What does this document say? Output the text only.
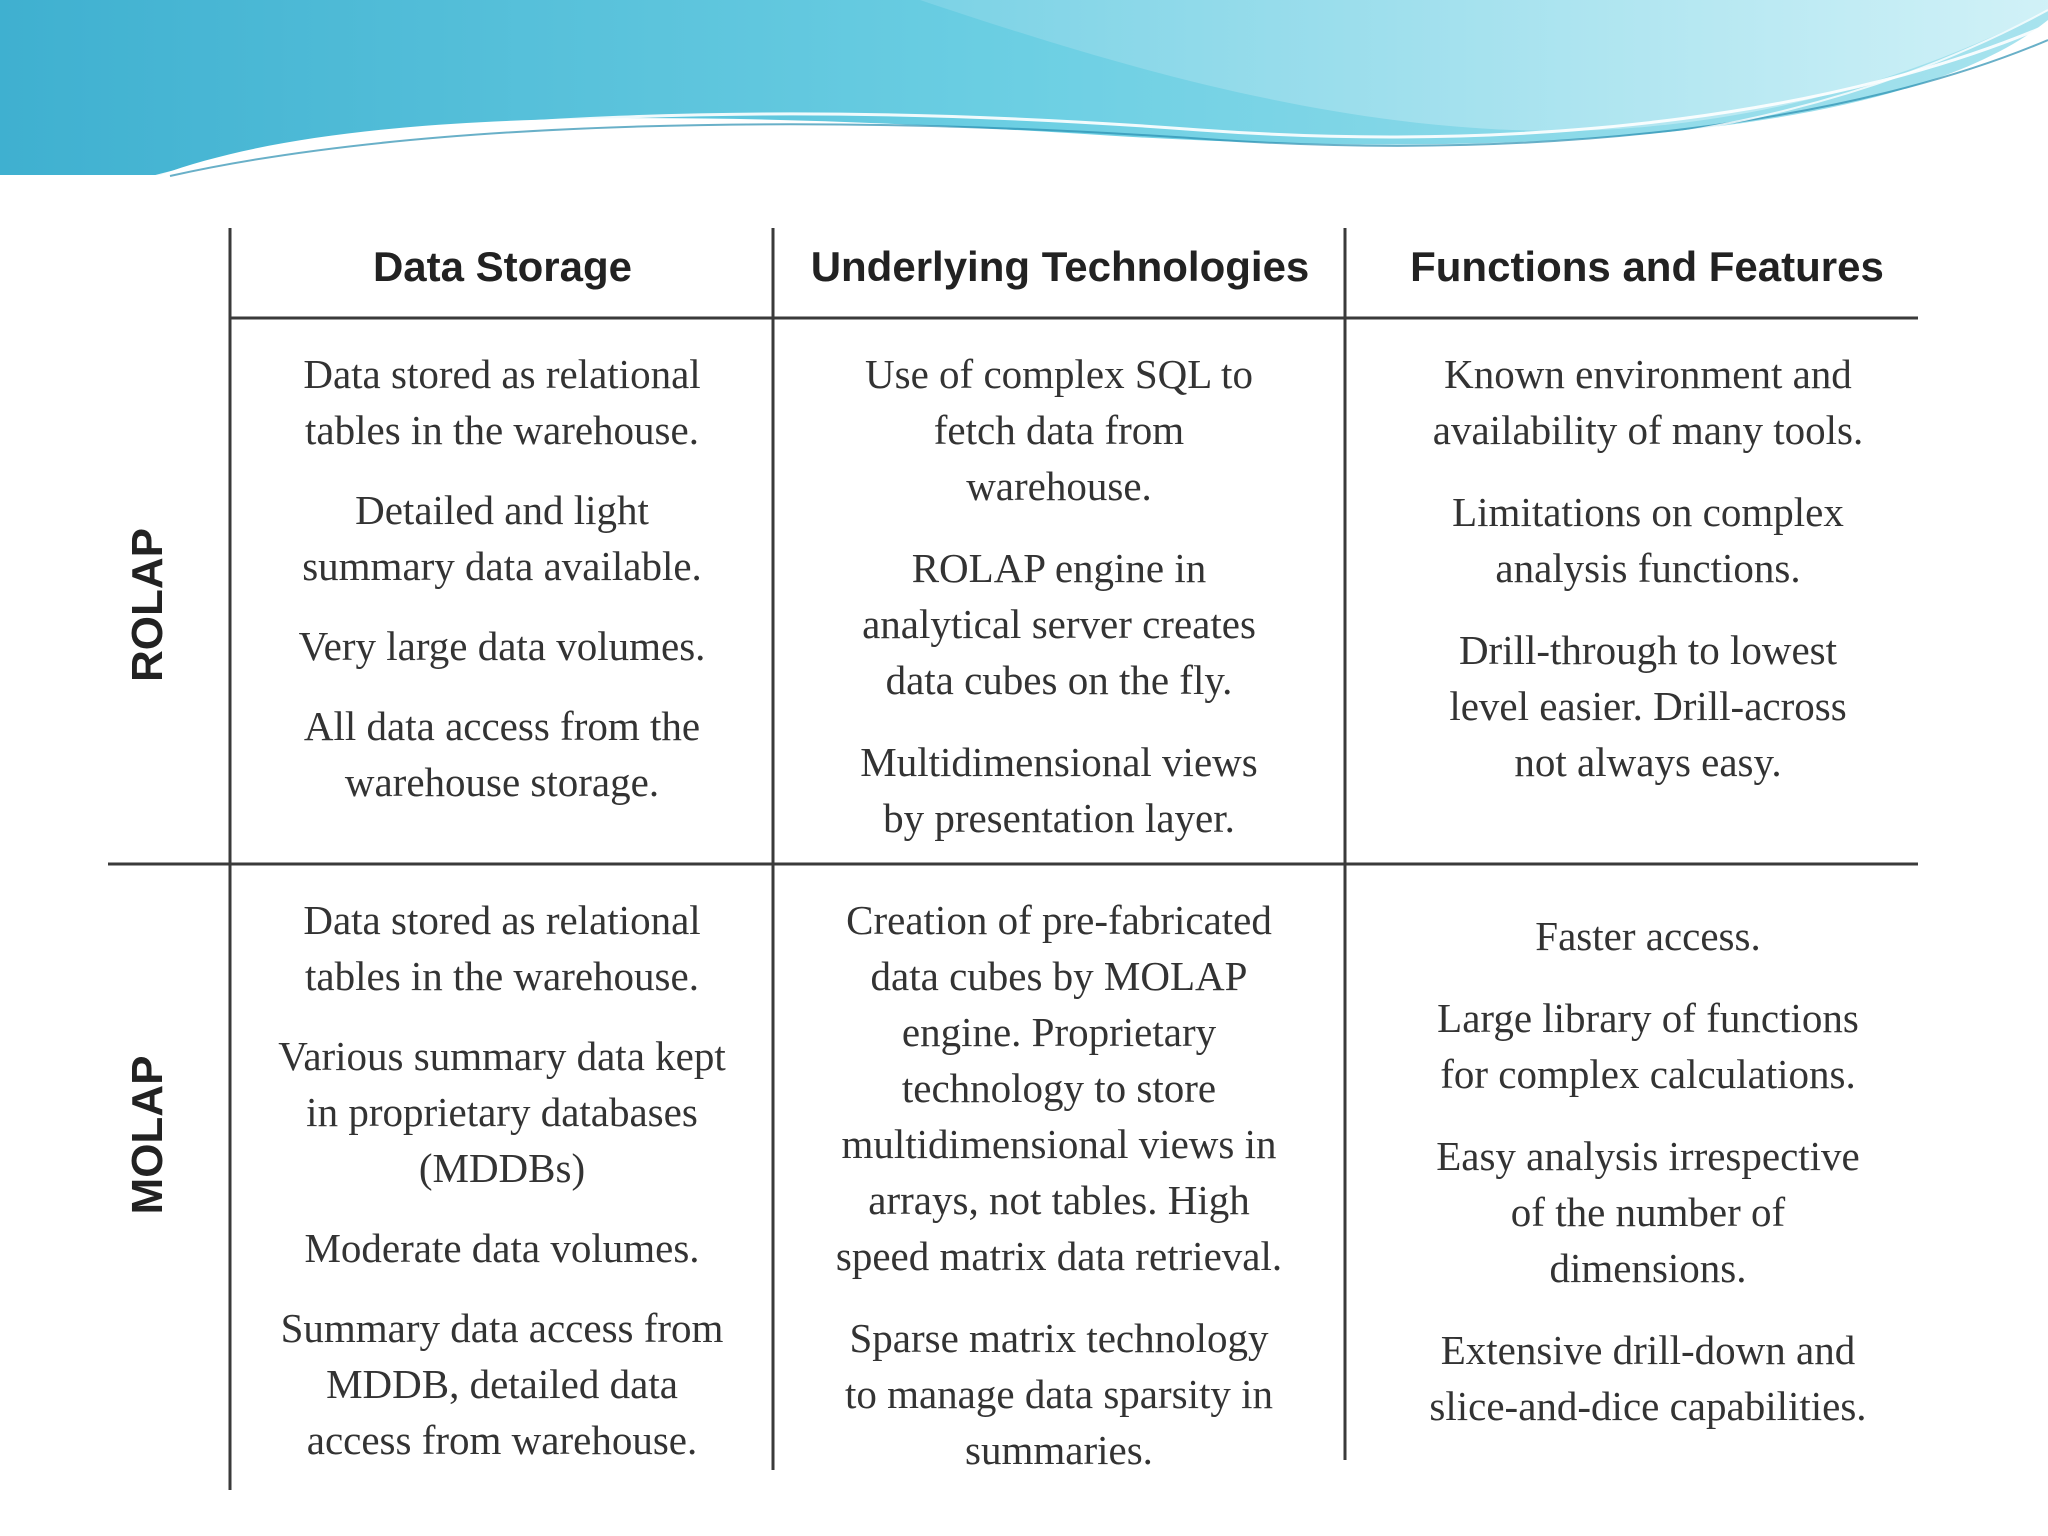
Data Storage	Underlying Technologies	Functions and Features
ROLAP
MOLAP
Data stored as relational
tables in the warehouse.
Detailed and light
summary data available.
Very large data volumes.
All data access from the
warehouse storage.
Use of complex SQL to
fetch data from
warehouse.
ROLAP engine in
analytical server creates
data cubes on the fly.
Multidimensional views
by presentation layer.
Known environment and
availability of many tools.
Limitations on complex
analysis functions.
Drill-through to lowest
level easier. Drill-across
not always easy.
Data stored as relational
tables in the warehouse.
Various summary data kept
in proprietary databases
(MDDBs)
Moderate data volumes.
Summary data access from
MDDB, detailed data
access from warehouse.
Creation of pre-fabricated
data cubes by MOLAP
engine. Proprietary
technology to store
multidimensional views in
arrays, not tables. High
speed matrix data retrieval.
Sparse matrix technology
to manage data sparsity in
summaries.
Faster access.
Large library of functions
for complex calculations.
Easy analysis irrespective
of the number of
dimensions.
Extensive drill-down and
slice-and-dice capabilities.
